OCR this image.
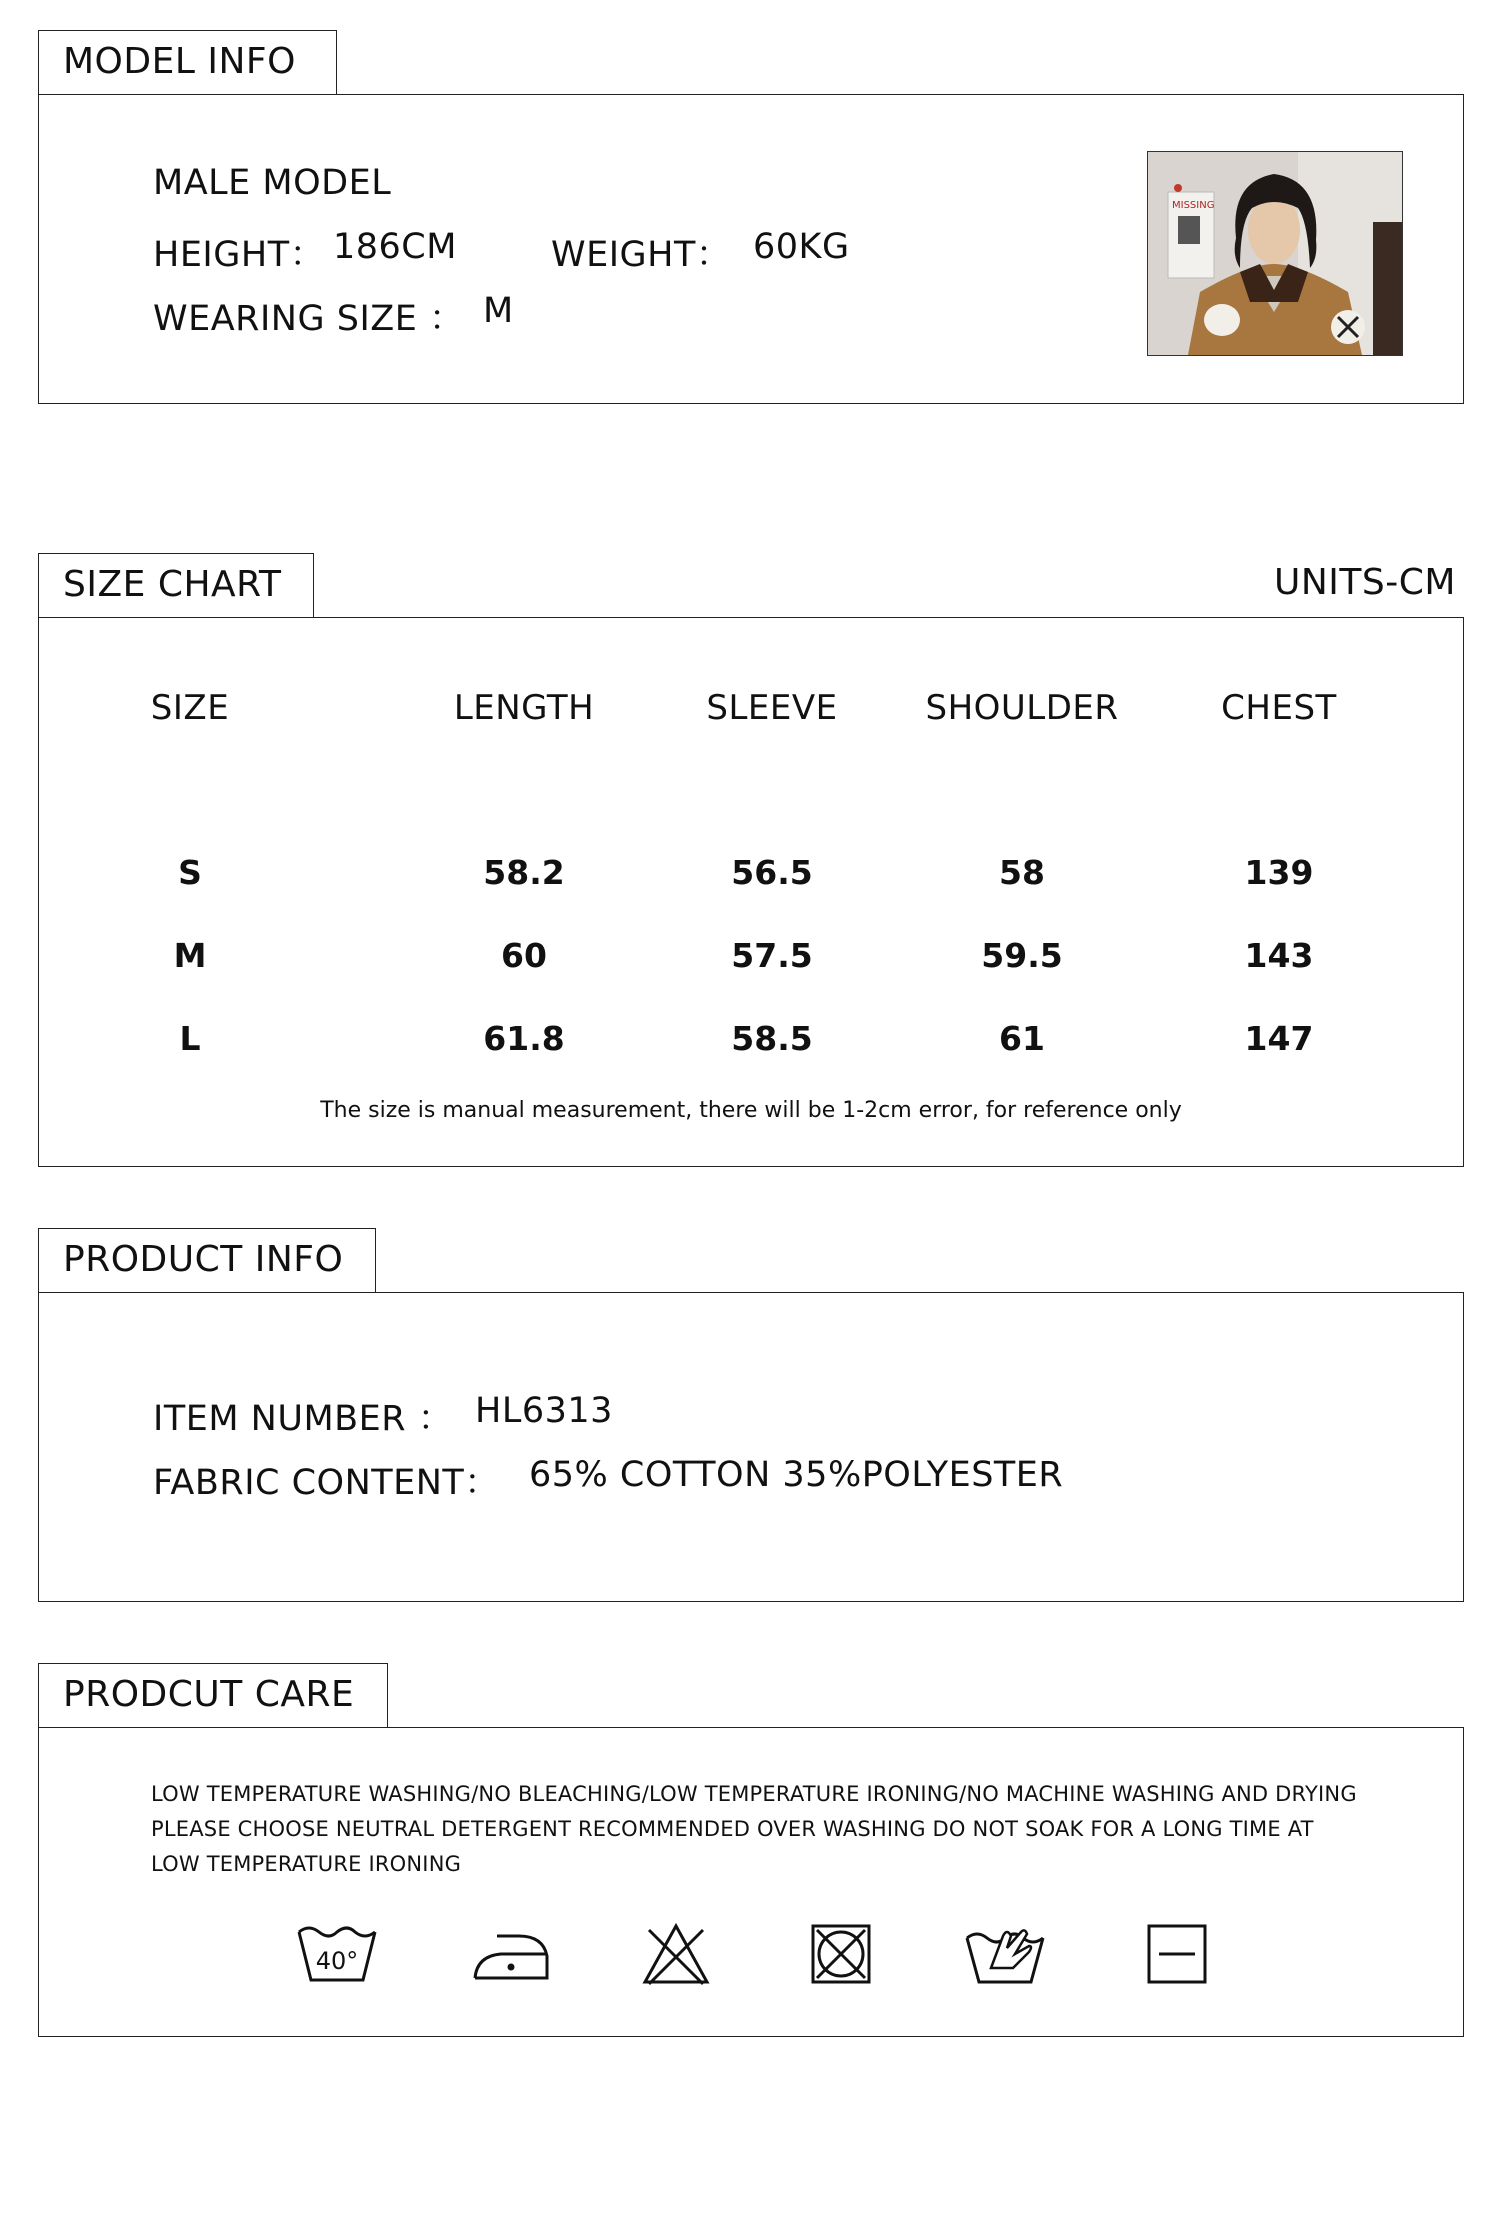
MODEL INFO
MALE MODEL
HEIGHT： 186CM	WEIGHT： 60KG
WEARING SIZE ： M
MISSING
SIZE CHART	UNITS-CM
SIZE	LENGTH	SLEEVE	SHOULDER	CHEST
S	58.2	56.5	58	139
M	60	57.5	59.5	143
L	61.8	58.5	61	147
The size is manual measurement, there will be 1-2cm error, for reference only
PRODUCT INFO
ITEM NUMBER ： HL6313
FABRIC CONTENT： 65% COTTON 35%POLYESTER
PRODCUT CARE
LOW TEMPERATURE WASHING/NO BLEACHING/LOW TEMPERATURE IRONING/NO MACHINE WASHING AND DRYING
PLEASE CHOOSE NEUTRAL DETERGENT RECOMMENDED OVER WASHING DO NOT SOAK FOR A LONG TIME AT
LOW TEMPERATURE IRONING
40°
